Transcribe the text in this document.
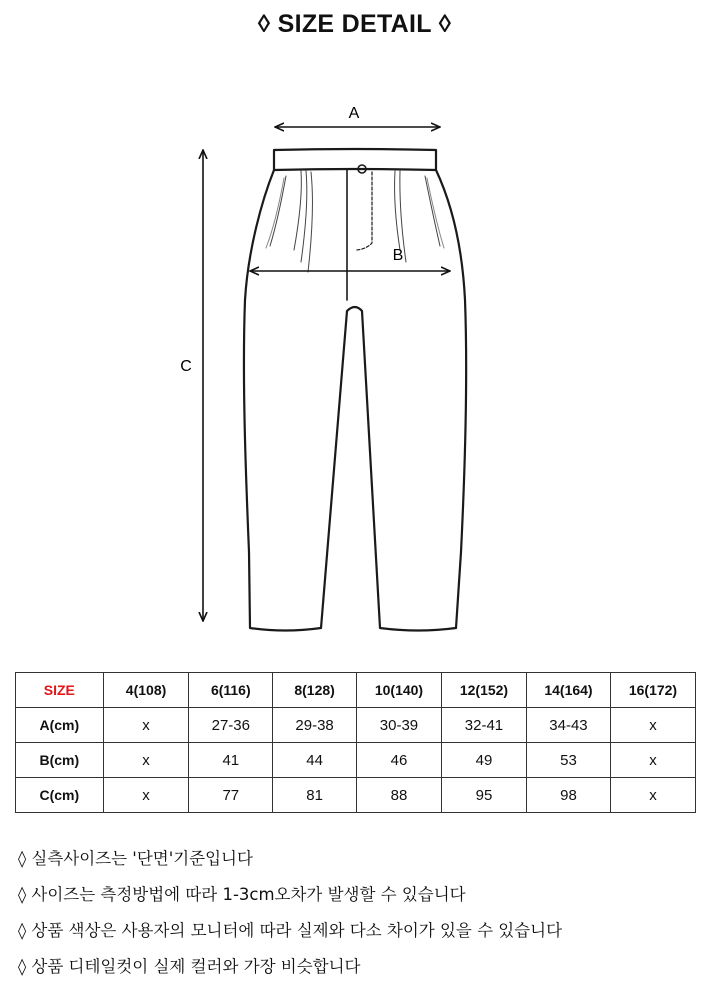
◊ SIZE DETAIL ◊
A
B
C
SIZE	4(108)	6(116)	8(128)	10(140)	12(152)	14(164)	16(172)
A(cm)	x	27-36	29-38	30-39	32-41	34-43	x
B(cm)	x	41	44	46	49	53	x
C(cm)	x	77	81	88	95	98	x
◊ 실측사이즈는 '단면'기준입니다
◊ 사이즈는 측정방법에 따라 1-3cm오차가 발생할 수 있습니다
◊ 상품 색상은 사용자의 모니터에 따라 실제와 다소 차이가 있을 수 있습니다
◊ 상품 디테일컷이 실제 컬러와 가장 비슷합니다
